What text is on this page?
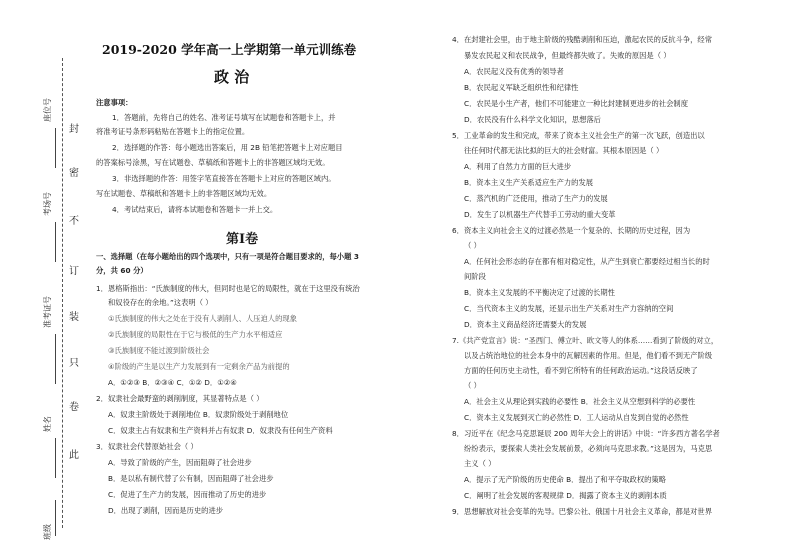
封
密
不
订
装
只
卷
此
座位号
考场号
准考证号
姓名
班级
2019-2020 学年高一上学期第一单元训练卷
政 治
注意事项：
1．答题前，先将自己的姓名、准考证号填写在试题卷和答题卡上，并
将准考证号条形码粘贴在答题卡上的指定位置。
2．选择题的作答：每小题选出答案后，用 2B 铅笔把答题卡上对应题目
的答案标号涂黑，写在试题卷、草稿纸和答题卡上的非答题区域均无效。
3．非选择题的作答：用签字笔直接答在答题卡上对应的答题区域内。
写在试题卷、草稿纸和答题卡上的非答题区域均无效。
4．考试结束后，请将本试题卷和答题卡一并上交。
第Ⅰ卷
一、选择题（在每小题给出的四个选项中，只有一项是符合题目要求的，每小题 3
分，共 60 分）
1．恩格斯指出：“氏族制度的伟大，但同时也是它的局限性，就在于这里没有统治
和奴役存在的余地。”这表明（ ）
①氏族制度的伟大之处在于没有人剥削人、人压迫人的现象
②氏族制度的局限性在于它与极低的生产力水平相适应
③氏族制度不能过渡到阶级社会
④阶级的产生是以生产力发展到有一定剩余产品为前提的
A．①②③ B．②③④ C．①② D．①②④
2．奴隶社会最野蛮的剥削制度，其显著特点是（ ）
A．奴隶主阶级处于剥削地位 B．奴隶阶级处于剥削地位
C．奴隶主占有奴隶和生产资料并占有奴隶 D．奴隶没有任何生产资料
3．奴隶社会代替原始社会（ ）
A．导致了阶级的产生，因而阻碍了社会进步
B．是以私有制代替了公有制，因而阻碍了社会进步
C．促进了生产力的发展，因而推动了历史的进步
D．出现了剥削，因而是历史的进步
4．在封建社会里，由于地主阶级的残酷剥削和压迫，激起农民的反抗斗争，经常
暴发农民起义和农民战争，但最终都失败了。失败的原因是（ ）
A．农民起义没有优秀的领导者
B．农民起义军缺乏组织性和纪律性
C．农民是小生产者，他们不可能建立一种比封建制更进步的社会制度
D．农民没有什么科学文化知识，思想落后
5．工业革命的发生和完成，带来了资本主义社会生产的第一次飞跃，创造出以
往任何时代都无法比拟的巨大的社会财富。其根本原因是（ ）
A．利用了自然力方面的巨大进步
B．资本主义生产关系适应生产力的发展
C．蒸汽机的广泛使用，推动了生产力的发展
D．发生了以机器生产代替手工劳动的重大变革
6．资本主义向社会主义的过渡必然是一个复杂的、长期的历史过程，因为
（ ）
A．任何社会形态的存在都有相对稳定性，从产生到衰亡都要经过相当长的时
间阶段
B．资本主义发展的不平衡决定了过渡的长期性
C．当代资本主义的发展，还显示出生产关系对生产力容纳的空间
D．资本主义商品经济还需要大的发展
7.《共产党宣言》说：“圣西门、傅立叶、欧文等人的体系……看到了阶级的对立，
以及占统治地位的社会本身中的瓦解因素的作用。但是，他们看不到无产阶级
方面的任何历史主动性，看不到它所特有的任何政治运动。”这段话反映了
（ ）
A．社会主义从理论到实践的必要性 B．社会主义从空想到科学的必要性
C．资本主义发展到灭亡的必然性 D．工人运动从自发到自觉的必然性
8．习近平在《纪念马克思诞辰 200 周年大会上的讲话》中说：“许多西方著名学者
纷纷表示，要探索人类社会发展前景，必须向马克思求教。”这是因为，马克思
主义（ ）
A．提示了无产阶级的历史使命 B．提出了和平夺取政权的策略
C．阐明了社会发展的客观规律 D．揭露了资本主义的剥削本质
9．思想解放对社会变革的先导。巴黎公社、俄国十月社会主义革命，都是对世界
